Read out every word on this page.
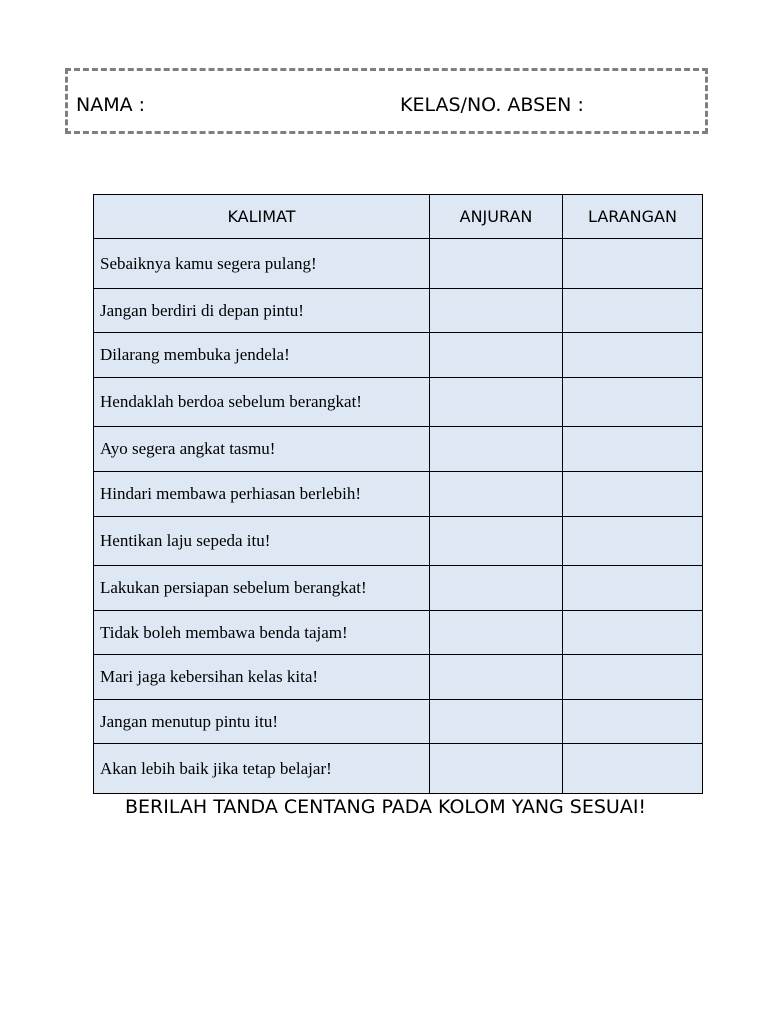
NAMA :	KELAS/NO. ABSEN :
KALIMAT	ANJURAN	LARANGAN
Sebaiknya kamu segera pulang!		
Jangan berdiri di depan pintu!		
Dilarang membuka jendela!		
Hendaklah berdoa sebelum berangkat!		
Ayo segera angkat tasmu!		
Hindari membawa perhiasan berlebih!		
Hentikan laju sepeda itu!		
Lakukan persiapan sebelum berangkat!		
Tidak boleh membawa benda tajam!		
Mari jaga kebersihan kelas kita!		
Jangan menutup pintu itu!		
Akan lebih baik jika tetap belajar!		
BERILAH TANDA CENTANG PADA KOLOM YANG SESUAI!
